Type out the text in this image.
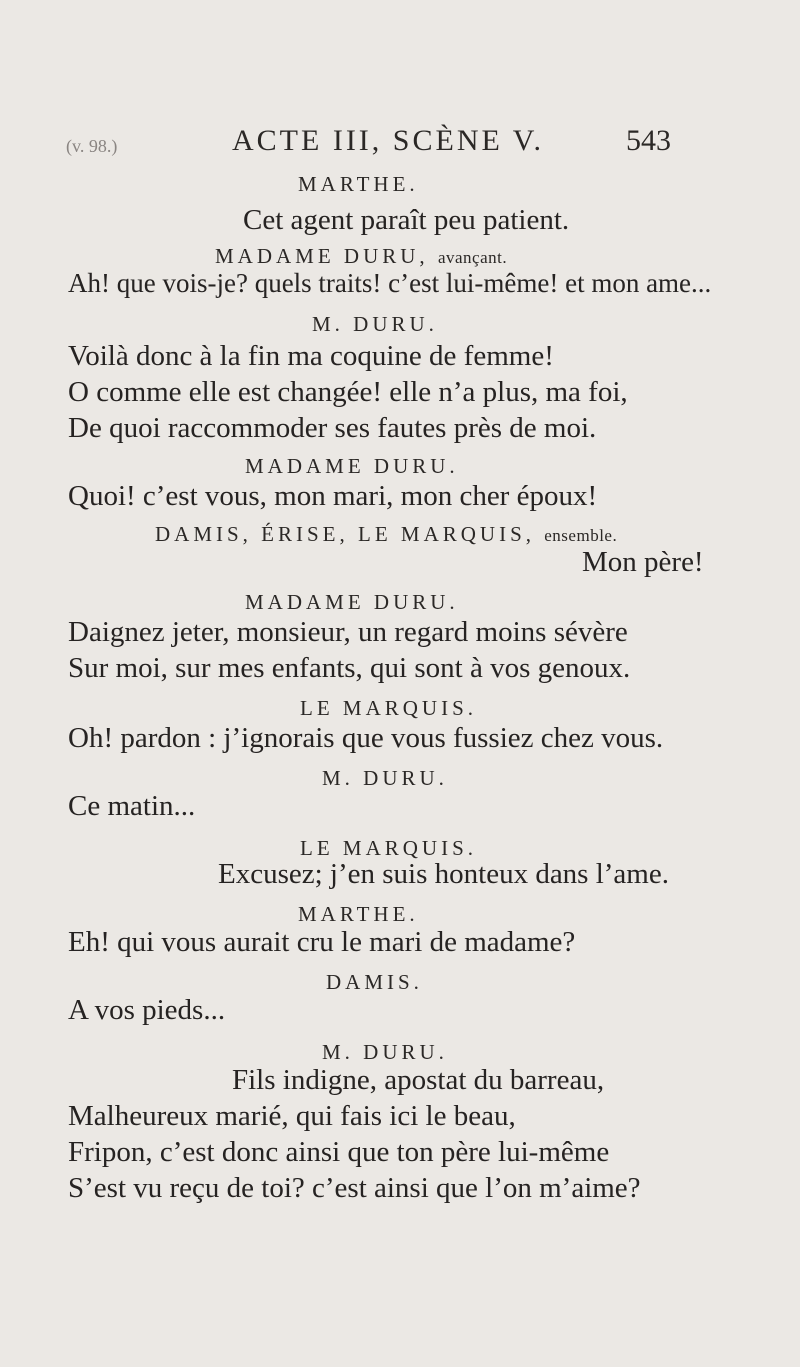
(v. 98.)	ACTE III, SCÈNE V.	543
MARTHE.
Cet agent paraît peu patient.
MADAME DURU, avançant.
Ah! que vois-je? quels traits! c’est lui-même! et mon ame...
M. DURU.
Voilà donc à la fin ma coquine de femme!
O comme elle est changée! elle n’a plus, ma foi,
De quoi raccommoder ses fautes près de moi.
MADAME DURU.
Quoi! c’est vous, mon mari, mon cher époux!
DAMIS, ÉRISE, LE MARQUIS, ensemble.
Mon père!
MADAME DURU.
Daignez jeter, monsieur, un regard moins sévère
Sur moi, sur mes enfants, qui sont à vos genoux.
LE MARQUIS.
Oh! pardon : j’ignorais que vous fussiez chez vous.
M. DURU.
Ce matin...
LE MARQUIS.
Excusez; j’en suis honteux dans l’ame.
MARTHE.
Eh! qui vous aurait cru le mari de madame?
DAMIS.
A vos pieds...
M. DURU.
Fils indigne, apostat du barreau,
Malheureux marié, qui fais ici le beau,
Fripon, c’est donc ainsi que ton père lui-même
S’est vu reçu de toi? c’est ainsi que l’on m’aime?
